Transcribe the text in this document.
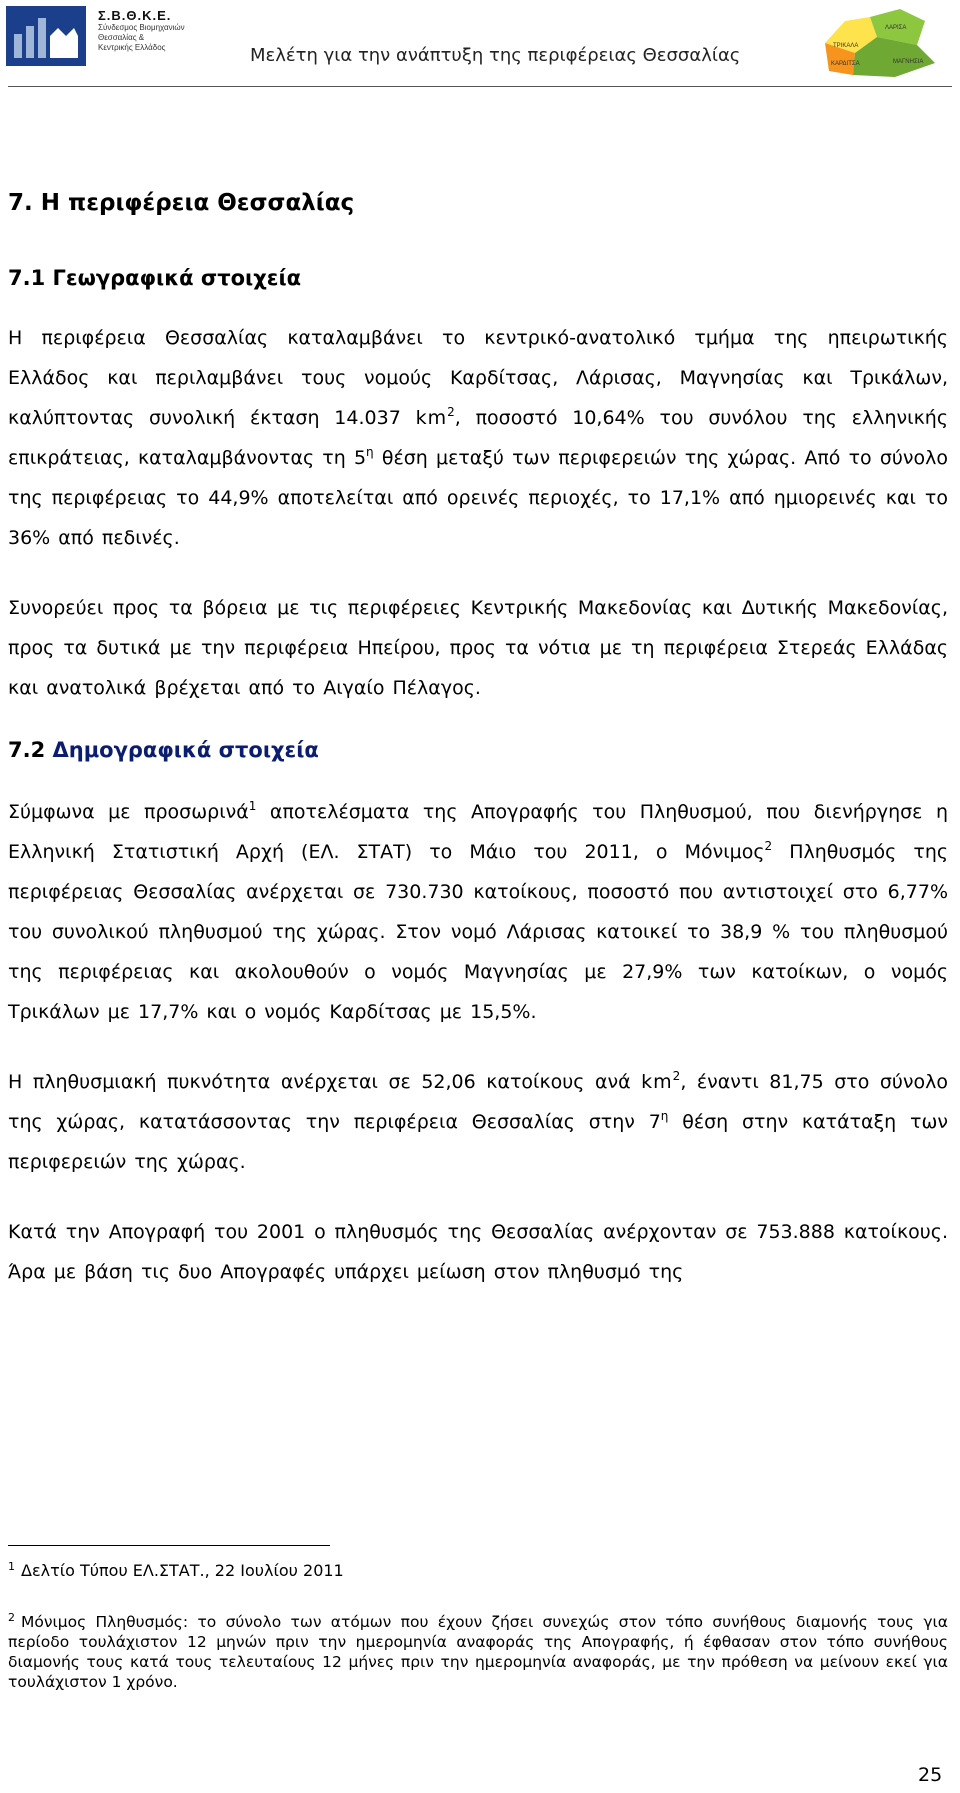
Σ.Β.Θ.Κ.Ε.
Σύνδεσμος Βιομηχανιών
Θεσσαλίας &
Κεντρικής Ελλάδος	Μελέτη για την ανάπτυξη της περιφέρειας Θεσσαλίας	ΤΡΙΚΑΛΑ
ΛΑΡΙΣΑ
ΚΑΡΔΙΤΣΑ	ΜΑΓΝΗΣΙΑ
7. Η περιφέρεια Θεσσαλίας
7.1 Γεωγραφικά στοιχεία

Η περιφέρεια Θεσσαλίας καταλαμβάνει το κεντρικό-ανατολικό τμήμα της ηπειρωτικής Ελλάδος και περιλαμβάνει τους νομούς Καρδίτσας, Λάρισας, Μαγνησίας και Τρικάλων, καλύπτοντας συνολική έκταση 14.037 $km^2$, ποσοστό 10,64% του συνόλου της ελληνικής επικράτειας, καταλαμβάνοντας τη $5^\eta$ θέση μεταξύ των περιφερειών της χώρας. Από το σύνολο της περιφέρειας το 44,9% αποτελείται από ορεινές περιοχές, το 17,1% από ημιορεινές και το 36% από πεδινές.

Συνορεύει προς τα βόρεια με τις περιφέρειες Κεντρικής Μακεδονίας και Δυτικής Μακεδονίας, προς τα δυτικά με την περιφέρεια Ηπείρου, προς τα νότια με τη περιφέρεια Στερεάς Ελλάδας και ανατολικά βρέχεται από το Αιγαίο Πέλαγος.

7.2 Δημογραφικά στοιχεία

Σύμφωνα με προσωρινά$^1$ αποτελέσματα της Απογραφής του Πληθυσμού, που διενήργησε η Ελληνική Στατιστική Αρχή (ΕΛ. ΣΤΑΤ) το Μάιο του 2011, ο Μόνιμος$^2$ Πληθυσμός της περιφέρειας Θεσσαλίας ανέρχεται σε 730.730 κατοίκους, ποσοστό που αντιστοιχεί στο 6,77% του συνολικού πληθυσμού της χώρας. Στον νομό Λάρισας κατοικεί το 38,9 % του πληθυσμού της περιφέρειας και ακολουθούν ο νομός Μαγνησίας με 27,9% των κατοίκων, ο νομός Τρικάλων με 17,7% και ο νομός Καρδίτσας με 15,5%.

Η πληθυσμιακή πυκνότητα ανέρχεται σε 52,06 κατοίκους ανά $km^2$, έναντι 81,75 στο σύνολο της χώρας, κατατάσσοντας την περιφέρεια Θεσσαλίας στην $7^\eta$ θέση στην κατάταξη των περιφερειών της χώρας.

Κατά την Απογραφή του 2001 ο πληθυσμός της Θεσσαλίας ανέρχονταν σε 753.888 κατοίκους. Άρα με βάση τις δυο Απογραφές υπάρχει μείωση στον πληθυσμό της

$^1$ Δελτίο Τύπου ΕΛ.ΣΤΑΤ., 22 Ιουλίου 2011
$^2$ Μόνιμος Πληθυσμός: το σύνολο των ατόμων που έχουν ζήσει συνεχώς στον τόπο συνήθους διαμονής τους για περίοδο τουλάχιστον 12 μηνών πριν την ημερομηνία αναφοράς της Απογραφής, ή έφθασαν στον τόπο συνήθους διαμονής τους κατά τους τελευταίους 12 μήνες πριν την ημερομηνία αναφοράς, με την πρόθεση να μείνουν εκεί για τουλάχιστον 1 χρόνο.
25
